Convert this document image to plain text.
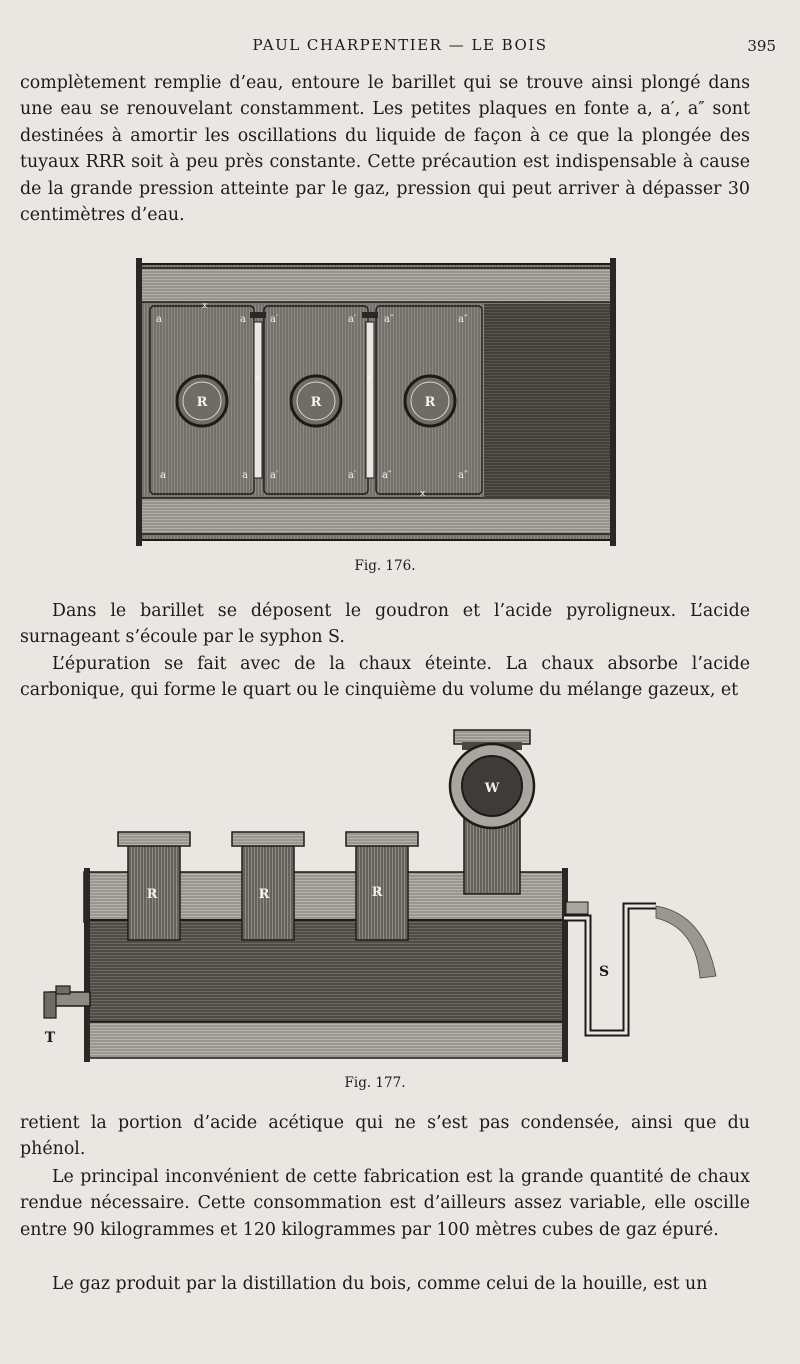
PAUL CHARPENTIER — LE BOIS	395

complètement remplie d’eau, entoure le barillet qui se trouve ainsi plongé dans une eau se renouvelant constamment. Les petites plaques en fonte a, a′, a″ sont destinées à amortir les oscillations du liquide de façon à ce que la plongée des tuyaux RRR soit à peu près constante. Cette précaution est indispensable à cause de la grande pression atteinte par le gaz, pression qui peut arriver à dépasser 30 centimètres d’eau.

R	R	R
a	a a′	a′	a″	a″
a	a a′	a′	a″	a″
x
x	x
x
Fig. 176.

Dans le barillet se déposent le goudron et l’acide pyroligneux. L’acide surnageant s’écoule par le syphon S.

L’épuration se fait avec de la chaux éteinte. La chaux absorbe l’acide carbonique, qui forme le quart ou le cinquième du volume du mélange gazeux, et

R	R	R
W
S
T
Fig. 177.

retient la portion d’acide acétique qui ne s’est pas condensée, ainsi que du phénol.

Le principal inconvénient de cette fabrication est la grande quantité de chaux rendue nécessaire. Cette consommation est d’ailleurs assez variable, elle oscille entre 90 kilogrammes et 120 kilogrammes par 100 mètres cubes de gaz épuré.

Le gaz produit par la distillation du bois, comme celui de la houille, est un
